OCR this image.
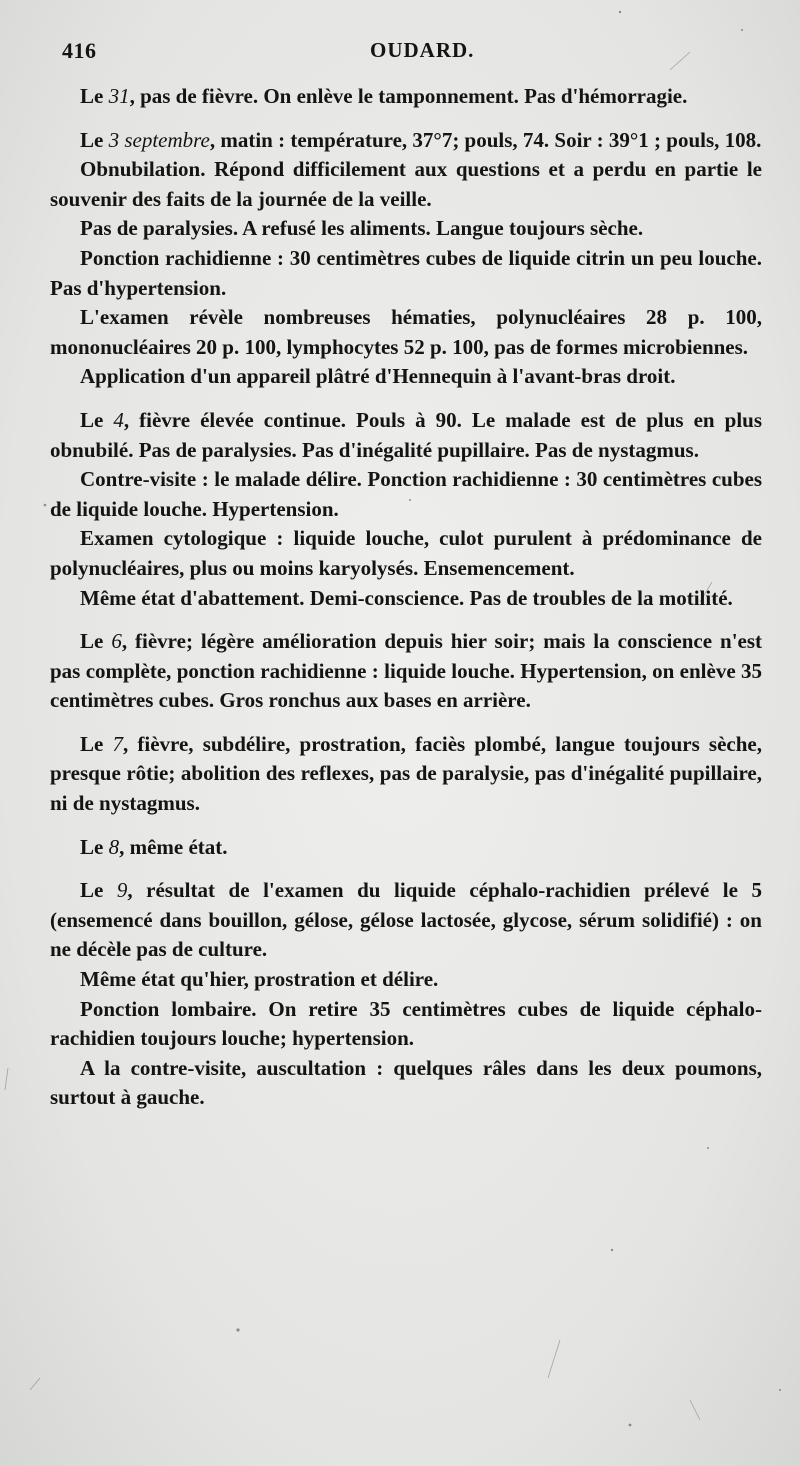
416	OUDARD.

Le 31, pas de fièvre. On enlève le tamponnement. Pas d'hémorragie.

Le 3 septembre, matin : température, 37°7; pouls, 74. Soir : 39°1 ; pouls, 108.

Obnubilation. Répond difficilement aux questions et a perdu en partie le souvenir des faits de la journée de la veille.

Pas de paralysies. A refusé les aliments. Langue toujours sèche.

Ponction rachidienne : 30 centimètres cubes de liquide citrin un peu louche. Pas d'hypertension.

L'examen révèle nombreuses hématies, polynucléaires 28 p. 100, mononucléaires 20 p. 100, lymphocytes 52 p. 100, pas de formes microbiennes.

Application d'un appareil plâtré d'Hennequin à l'avant-bras droit.

Le 4, fièvre élevée continue. Pouls à 90. Le malade est de plus en plus obnubilé. Pas de paralysies. Pas d'inégalité pupillaire. Pas de nystagmus.

Contre-visite : le malade délire. Ponction rachidienne : 30 centimètres cubes de liquide louche. Hypertension.

Examen cytologique : liquide louche, culot purulent à prédominance de polynucléaires, plus ou moins karyolysés. Ensemencement.

Même état d'abattement. Demi-conscience. Pas de troubles de la motilité.

Le 6, fièvre; légère amélioration depuis hier soir; mais la conscience n'est pas complète, ponction rachidienne : liquide louche. Hypertension, on enlève 35 centimètres cubes. Gros ronchus aux bases en arrière.

Le 7, fièvre, subdélire, prostration, faciès plombé, langue toujours sèche, presque rôtie; abolition des reflexes, pas de paralysie, pas d'inégalité pupillaire, ni de nystagmus.

Le 8, même état.

Le 9, résultat de l'examen du liquide céphalo-rachidien prélevé le 5 (ensemencé dans bouillon, gélose, gélose lactosée, glycose, sérum solidifié) : on ne décèle pas de culture.

Même état qu'hier, prostration et délire.

Ponction lombaire. On retire 35 centimètres cubes de liquide céphalo-rachidien toujours louche; hypertension.

A la contre-visite, auscultation : quelques râles dans les deux poumons, surtout à gauche.
